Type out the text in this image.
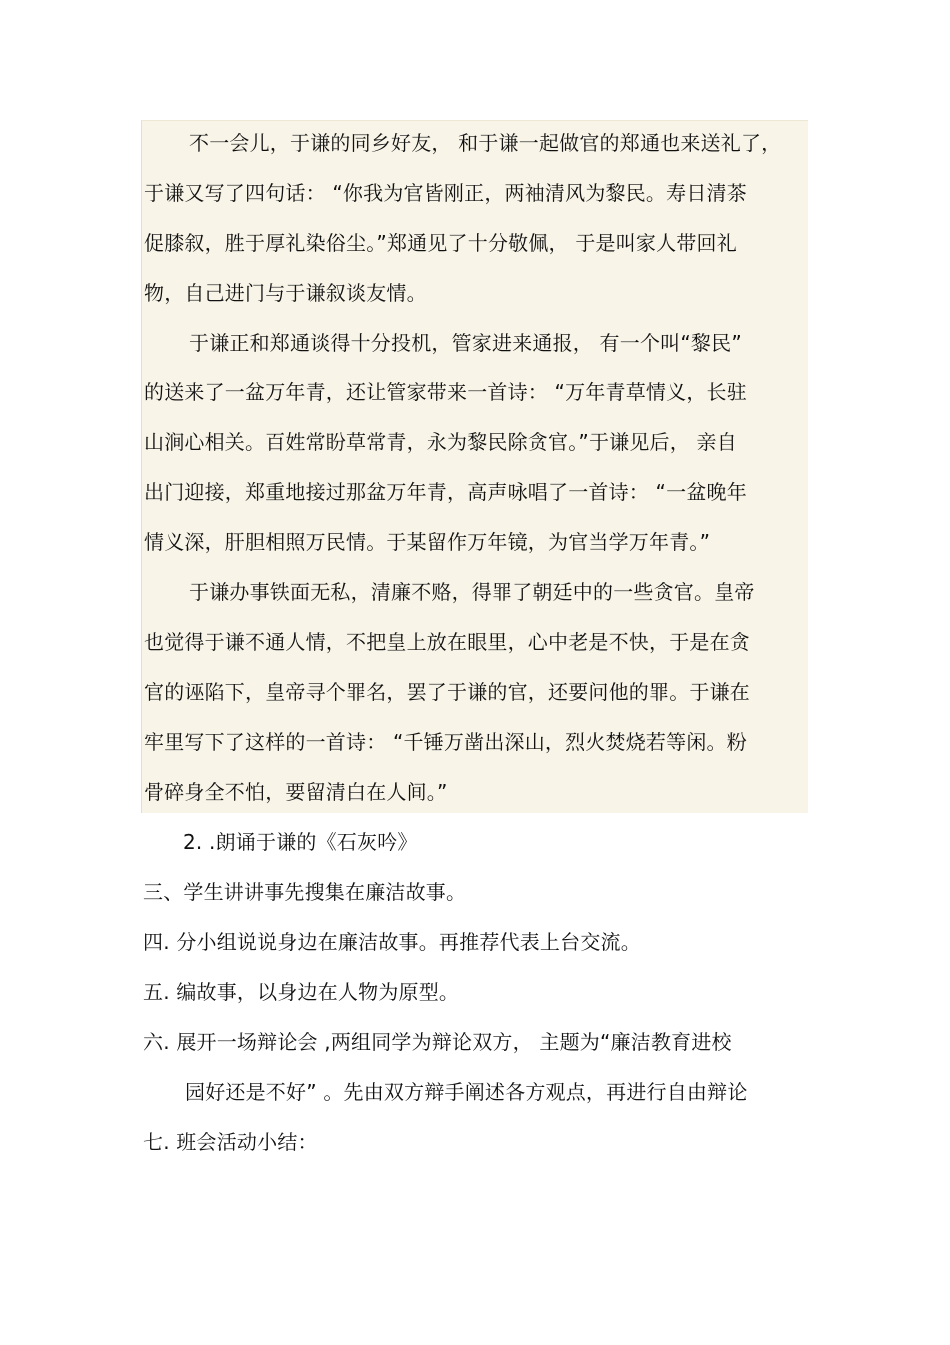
不一会儿，于谦的同乡好友， 和于谦一起做官的郑通也来送礼了，
于谦又写了四句话： “你我为官皆刚正，两袖清风为黎民。寿日清茶
促膝叙，胜于厚礼染俗尘。”郑通见了十分敬佩， 于是叫家人带回礼
物，自己进门与于谦叙谈友情。
于谦正和郑通谈得十分投机，管家进来通报， 有一个叫“黎民”
的送来了一盆万年青，还让管家带来一首诗： “万年青草情义，长驻
山涧心相关。百姓常盼草常青，永为黎民除贪官。”于谦见后， 亲自
出门迎接，郑重地接过那盆万年青，高声咏唱了一首诗： “一盆晚年
情义深，肝胆相照万民情。于某留作万年镜，为官当学万年青。”
于谦办事铁面无私，清廉不赂，得罪了朝廷中的一些贪官。皇帝
也觉得于谦不通人情，不把皇上放在眼里，心中老是不快，于是在贪
官的诬陷下，皇帝寻个罪名，罢了于谦的官，还要问他的罪。于谦在
牢里写下了这样的一首诗： “千锤万凿出深山，烈火焚烧若等闲。粉
骨碎身全不怕，要留清白在人间。”
2. .朗诵于谦的《石灰吟》
三、学生讲讲事先搜集在廉洁故事。
四. 分小组说说身边在廉洁故事。再推荐代表上台交流。
五. 编故事，以身边在人物为原型。
六. 展开一场辩论会 ,两组同学为辩论双方， 主题为“廉洁教育进校
园好还是不好” 。先由双方辩手阐述各方观点，再进行自由辩论
七. 班会活动小结：
